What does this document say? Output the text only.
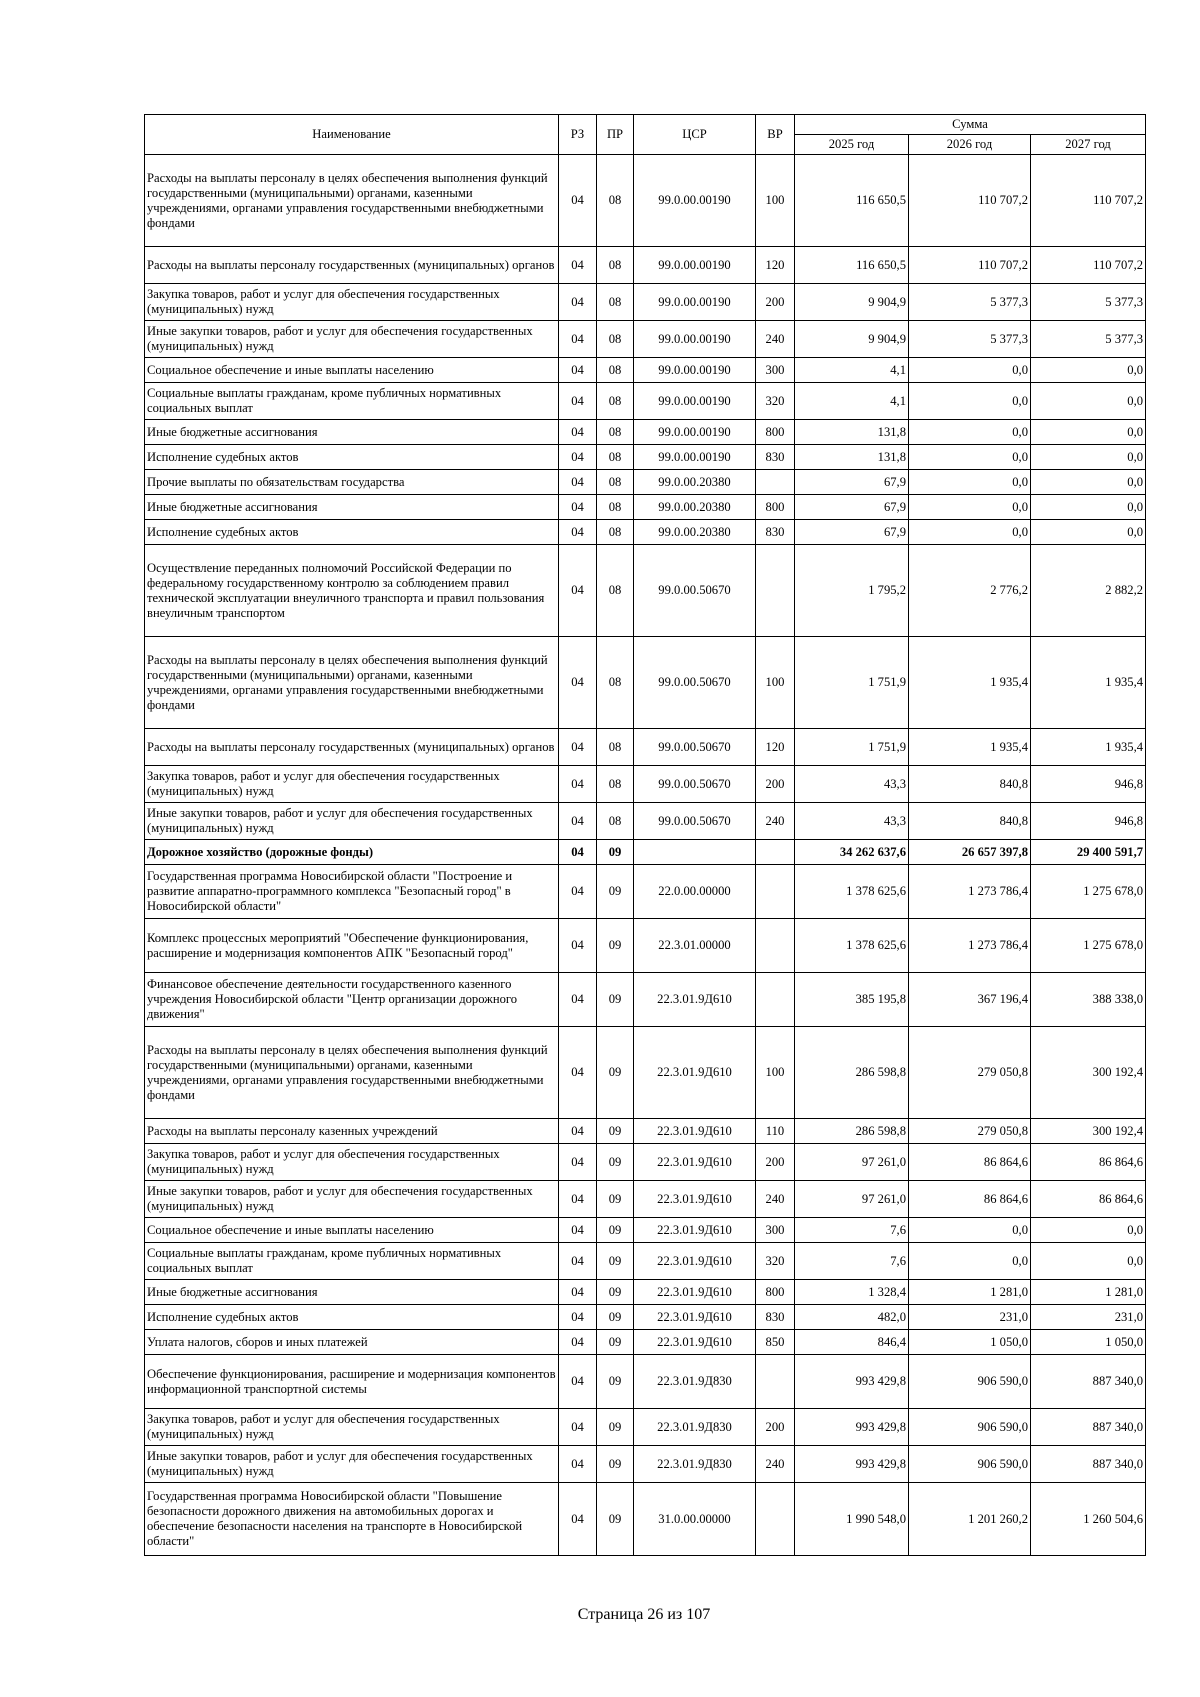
Наименование	РЗ	ПР	ЦСР	ВР	Сумма		
					2025 год	2026 год	2027 год
Расходы на выплаты персоналу в целях обеспечения выполнения функций государственными (муниципальными) органами, казенными учреждениями, органами управления государственными внебюджетными фондами	04	08	99.0.00.00190	100	116 650,5	110 707,2	110 707,2
Расходы на выплаты персоналу государственных (муниципальных) органов	04	08	99.0.00.00190	120	116 650,5	110 707,2	110 707,2
Закупка товаров, работ и услуг для обеспечения государственных (муниципальных) нужд	04	08	99.0.00.00190	200	9 904,9	5 377,3	5 377,3
Иные закупки товаров, работ и услуг для обеспечения государственных (муниципальных) нужд	04	08	99.0.00.00190	240	9 904,9	5 377,3	5 377,3
Социальное обеспечение и иные выплаты населению	04	08	99.0.00.00190	300	4,1	0,0	0,0
Социальные выплаты гражданам, кроме публичных нормативных социальных выплат	04	08	99.0.00.00190	320	4,1	0,0	0,0
Иные бюджетные ассигнования	04	08	99.0.00.00190	800	131,8	0,0	0,0
Исполнение судебных актов	04	08	99.0.00.00190	830	131,8	0,0	0,0
Прочие выплаты по обязательствам государства	04	08	99.0.00.20380		67,9	0,0	0,0
Иные бюджетные ассигнования	04	08	99.0.00.20380	800	67,9	0,0	0,0
Исполнение судебных актов	04	08	99.0.00.20380	830	67,9	0,0	0,0
Осуществление переданных полномочий Российской Федерации по федеральному государственному контролю за соблюдением правил технической эксплуатации внеуличного транспорта и правил пользования внеуличным транспортом	04	08	99.0.00.50670		1 795,2	2 776,2	2 882,2
Расходы на выплаты персоналу в целях обеспечения выполнения функций государственными (муниципальными) органами, казенными учреждениями, органами управления государственными внебюджетными фондами	04	08	99.0.00.50670	100	1 751,9	1 935,4	1 935,4
Расходы на выплаты персоналу государственных (муниципальных) органов	04	08	99.0.00.50670	120	1 751,9	1 935,4	1 935,4
Закупка товаров, работ и услуг для обеспечения государственных (муниципальных) нужд	04	08	99.0.00.50670	200	43,3	840,8	946,8
Иные закупки товаров, работ и услуг для обеспечения государственных (муниципальных) нужд	04	08	99.0.00.50670	240	43,3	840,8	946,8
Дорожное хозяйство (дорожные фонды)	04	09			34 262 637,6	26 657 397,8	29 400 591,7
Государственная программа Новосибирской области "Построение и развитие аппаратно-программного комплекса "Безопасный город" в Новосибирской области"	04	09	22.0.00.00000		1 378 625,6	1 273 786,4	1 275 678,0
Комплекс процессных мероприятий "Обеспечение функционирования, расширение и модернизация компонентов АПК "Безопасный город"	04	09	22.3.01.00000		1 378 625,6	1 273 786,4	1 275 678,0
Финансовое обеспечение деятельности государственного казенного учреждения Новосибирской области "Центр организации дорожного движения"	04	09	22.3.01.9Д610		385 195,8	367 196,4	388 338,0
Расходы на выплаты персоналу в целях обеспечения выполнения функций государственными (муниципальными) органами, казенными учреждениями, органами управления государственными внебюджетными фондами	04	09	22.3.01.9Д610	100	286 598,8	279 050,8	300 192,4
Расходы на выплаты персоналу казенных учреждений	04	09	22.3.01.9Д610	110	286 598,8	279 050,8	300 192,4
Закупка товаров, работ и услуг для обеспечения государственных (муниципальных) нужд	04	09	22.3.01.9Д610	200	97 261,0	86 864,6	86 864,6
Иные закупки товаров, работ и услуг для обеспечения государственных (муниципальных) нужд	04	09	22.3.01.9Д610	240	97 261,0	86 864,6	86 864,6
Социальное обеспечение и иные выплаты населению	04	09	22.3.01.9Д610	300	7,6	0,0	0,0
Социальные выплаты гражданам, кроме публичных нормативных социальных выплат	04	09	22.3.01.9Д610	320	7,6	0,0	0,0
Иные бюджетные ассигнования	04	09	22.3.01.9Д610	800	1 328,4	1 281,0	1 281,0
Исполнение судебных актов	04	09	22.3.01.9Д610	830	482,0	231,0	231,0
Уплата налогов, сборов и иных платежей	04	09	22.3.01.9Д610	850	846,4	1 050,0	1 050,0
Обеспечение функционирования, расширение и модернизация компонентов информационной транспортной системы	04	09	22.3.01.9Д830		993 429,8	906 590,0	887 340,0
Закупка товаров, работ и услуг для обеспечения государственных (муниципальных) нужд	04	09	22.3.01.9Д830	200	993 429,8	906 590,0	887 340,0
Иные закупки товаров, работ и услуг для обеспечения государственных (муниципальных) нужд	04	09	22.3.01.9Д830	240	993 429,8	906 590,0	887 340,0
Государственная программа Новосибирской области "Повышение безопасности дорожного движения на автомобильных дорогах и обеспечение безопасности населения на транспорте в Новосибирской области"	04	09	31.0.00.00000		1 990 548,0	1 201 260,2	1 260 504,6
Страница 26 из 107
